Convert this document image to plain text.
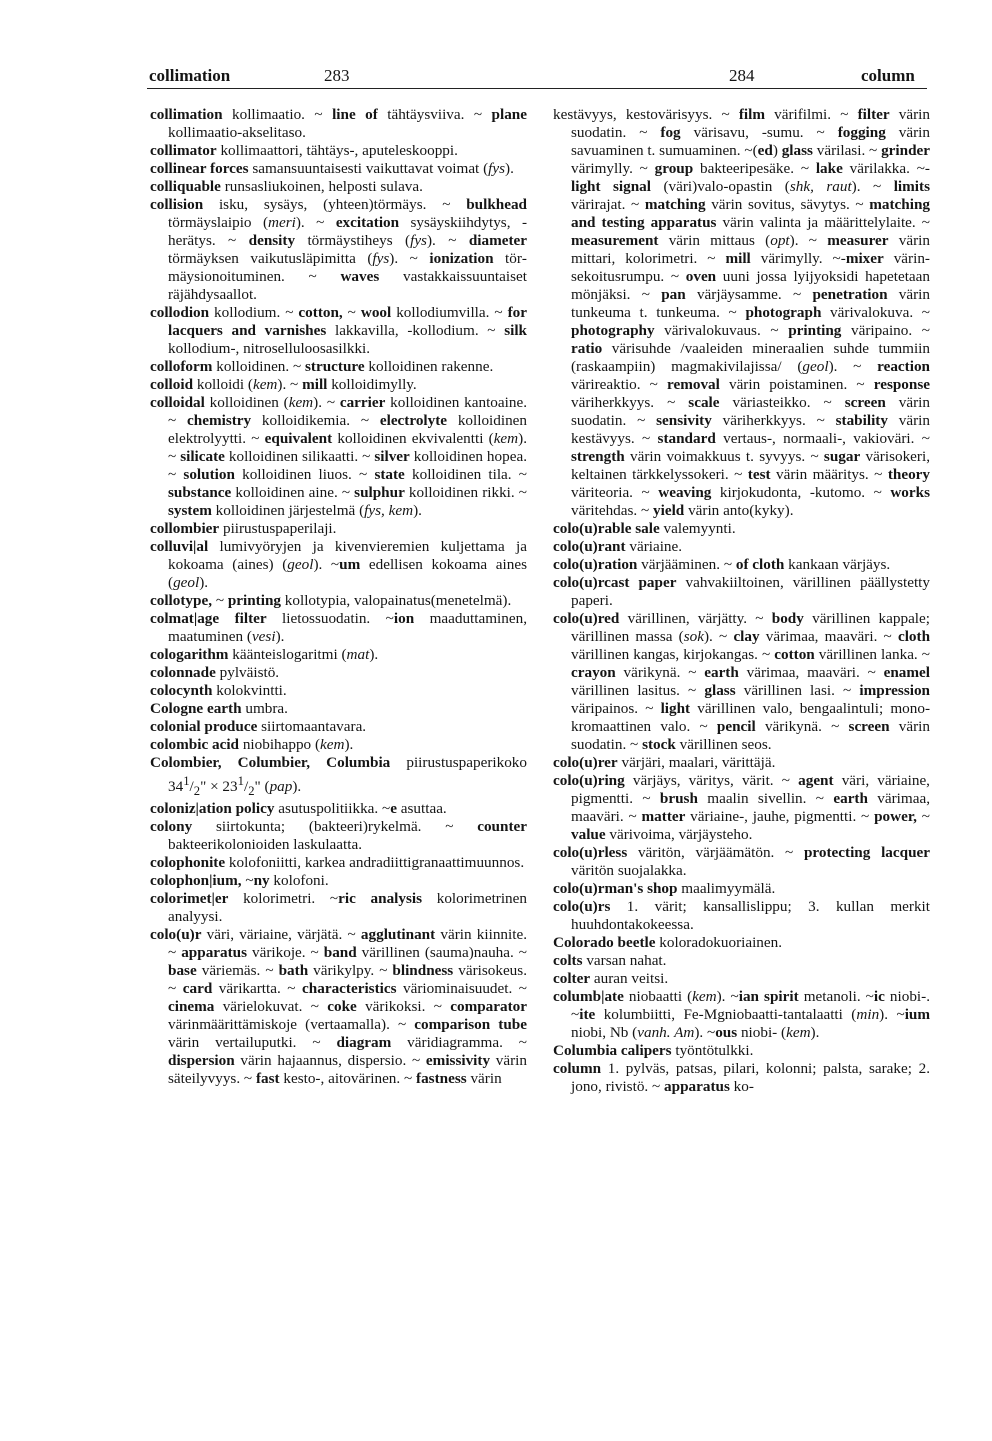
collimation	283	284	column
collimation kollimaatio. ~ line of tähtäysviiva. ~ plane kollimaatio-akselitaso.
collimator kollimaattori, tähtäys-, aputeleskooppi.
collinear forces samansuuntaisesti vaikuttavat voimat (fys).
colliquable runsasliukoinen, helposti sulava.
collision isku, sysäys, (yhteen)törmäys. ~ bulkhead törmäyslaipio (meri). ~ excitation sysäyskiihdytys, -herätys. ~ density törmäystiheys (fys). ~ diameter törmäyksen vaikutusläpimitta (fys). ~ ionization törmäysionoituminen. ~ waves vastakkaissuuntaiset räjähdysaallot.
collodion kollodium. ~ cotton, ~ wool kollodiumvilla. ~ for lacquers and varnishes lakkavilla, -kollodium. ~ silk kollodium-, nitroselluloosasilkki.
colloform kolloidinen. ~ structure kolloidinen rakenne.
colloid kolloidi (kem). ~ mill kolloidimylly.
colloidal kolloidinen (kem). ~ carrier kolloidinen kantoaine. ~ chemistry kolloidikemia. ~ electrolyte kolloidinen elektrolyytti. ~ equivalent kolloidinen ekvivalentti (kem). ~ silicate kolloidinen silikaatti. ~ silver kolloidinen hopea. ~ solution kolloidinen liuos. ~ state kolloidinen tila. ~ substance kolloidinen aine. ~ sulphur kolloidinen rikki. ~ system kolloidinen järjestelmä (fys, kem).
collombier piirustuspaperilaji.
colluvi|al lumivyöryjen ja kivenvieremien kuljettama ja kokoama (aines) (geol). ~um edellisen kokoama aines (geol).
collotype, ~ printing kollotypia, valopainatus(menetelmä).
colmat|age filter lietossuodatin. ~ion maaduttaminen, maatuminen (vesi).
cologarithm käänteislogaritmi (mat).
colonnade pylväistö.
colocynth kolokvintti.
Cologne earth umbra.
colonial produce siirtomaantavara.
colombic acid niobihappo (kem).
Colombier, Columbier, Columbia piirustuspaperikoko $34^1/_2$" × $23^1/_2$" (pap).
coloniz|ation policy asutuspolitiikka. ~e asuttaa.
colony siirtokunta; (bakteeri)rykelmä. ~ counter bakteerikolonioiden laskulaatta.
colophonite kolofoniitti, karkea andradiittigranaattimuunnos.
colophon|ium, ~ny kolofoni.
colorimet|er kolorimetri. ~ric analysis kolorimetrinen analyysi.
colo(u)r väri, väriaine, värjätä. ~ agglutinant värin kiinnite. ~ apparatus värikoje. ~ band värillinen (sauma)nauha. ~ base väriemäs. ~ bath värikylpy. ~ blindness värisokeus. ~ card värikartta. ~ characteristics väriominaisuudet. ~ cinema värielokuvat. ~ coke värikoksi. ~ comparator värinmäärittämiskoje (vertaamalla). ~ comparison tube värin vertailuputki. ~ diagram väridiagramma. ~ dispersion värin hajaannus, dispersio. ~ emissivity värin säteilyvyys. ~ fast kesto-, aitovärinen. ~ fastness värin
kestävyys, kestovärisyys. ~ film värifilmi. ~ filter värin suodatin. ~ fog värisavu, -sumu. ~ fogging värin savuaminen t. sumuaminen. ~(ed) glass värilasi. ~ grinder värimylly. ~ group bakteeripesäke. ~ lake värilakka. ~-light signal (väri)valo-opastin (shk, raut). ~ limits värirajat. ~ matching värin sovitus, sävytys. ~ matching and testing apparatus värin valinta ja määrittelylaite. ~ measurement värin mittaus (opt). ~ measurer värin mittari, kolorimetri. ~ mill värimylly. ~-mixer värinsekoitusrumpu. ~ oven uuni jossa lyijyoksidi hapetetaan mönjäksi. ~ pan värjäysamme. ~ penetration värin tunkeuma t. tunkeuma. ~ photograph värivalokuva. ~ photography värivalokuvaus. ~ printing väripaino. ~ ratio värisuhde /vaaleiden mineraalien suhde tummiin (raskaampiin) magmakivilajissa/ (geol). ~ reaction värireaktio. ~ removal värin poistaminen. ~ response väriherkkyys. ~ scale väriasteikko. ~ screen värin suodatin. ~ sensivity väriherkkyys. ~ stability värin kestävyys. ~ standard vertaus-, normaali-, vakioväri. ~ strength värin voimakkuus t. syvyys. ~ sugar värisokeri, keltainen tärkkelyssokeri. ~ test värin määritys. ~ theory väriteoria. ~ weaving kirjokudonta, -kutomo. ~ works väritehdas. ~ yield värin anto(kyky).
colo(u)rable sale valemyynti.
colo(u)rant väriaine.
colo(u)ration värjääminen. ~ of cloth kankaan värjäys.
colo(u)rcast paper vahvakiiltoinen, värillinen päällystetty paperi.
colo(u)red värillinen, värjätty. ~ body värillinen kappale; värillinen massa (sok). ~ clay värimaa, maaväri. ~ cloth värillinen kangas, kirjokangas. ~ cotton värillinen lanka. ~ crayon värikynä. ~ earth värimaa, maaväri. ~ enamel värillinen lasitus. ~ glass värillinen lasi. ~ impression väripainos. ~ light värillinen valo, bengaalintuli; monokromaattinen valo. ~ pencil värikynä. ~ screen värin suodatin. ~ stock värillinen seos.
colo(u)rer värjäri, maalari, värittäjä.
colo(u)ring värjäys, väritys, värit. ~ agent väri, väriaine, pigmentti. ~ brush maalin sivellin. ~ earth värimaa, maaväri. ~ matter väriaine-, jauhe, pigmentti. ~ power, ~ value värivoima, värjäysteho.
colo(u)rless väritön, värjäämätön. ~ protecting lacquer väritön suojalakka.
colo(u)rman's shop maalimyymälä.
colo(u)rs 1. värit; kansallislippu; 3. kullan merkit huuhdontakokeessa.
Colorado beetle koloradokuoriainen.
colts varsan nahat.
colter auran veitsi.
columb|ate niobaatti (kem). ~ian spirit metanoli. ~ic niobi-. ~ite kolumbiitti, Fe-Mgniobaatti-tantalaatti (min). ~ium niobi, Nb (vanh. Am). ~ous niobi- (kem).
Columbia calipers työntötulkki.
column 1. pylväs, patsas, pilari, kolonni; palsta, sarake; 2. jono, rivistö. ~ apparatus ko-
